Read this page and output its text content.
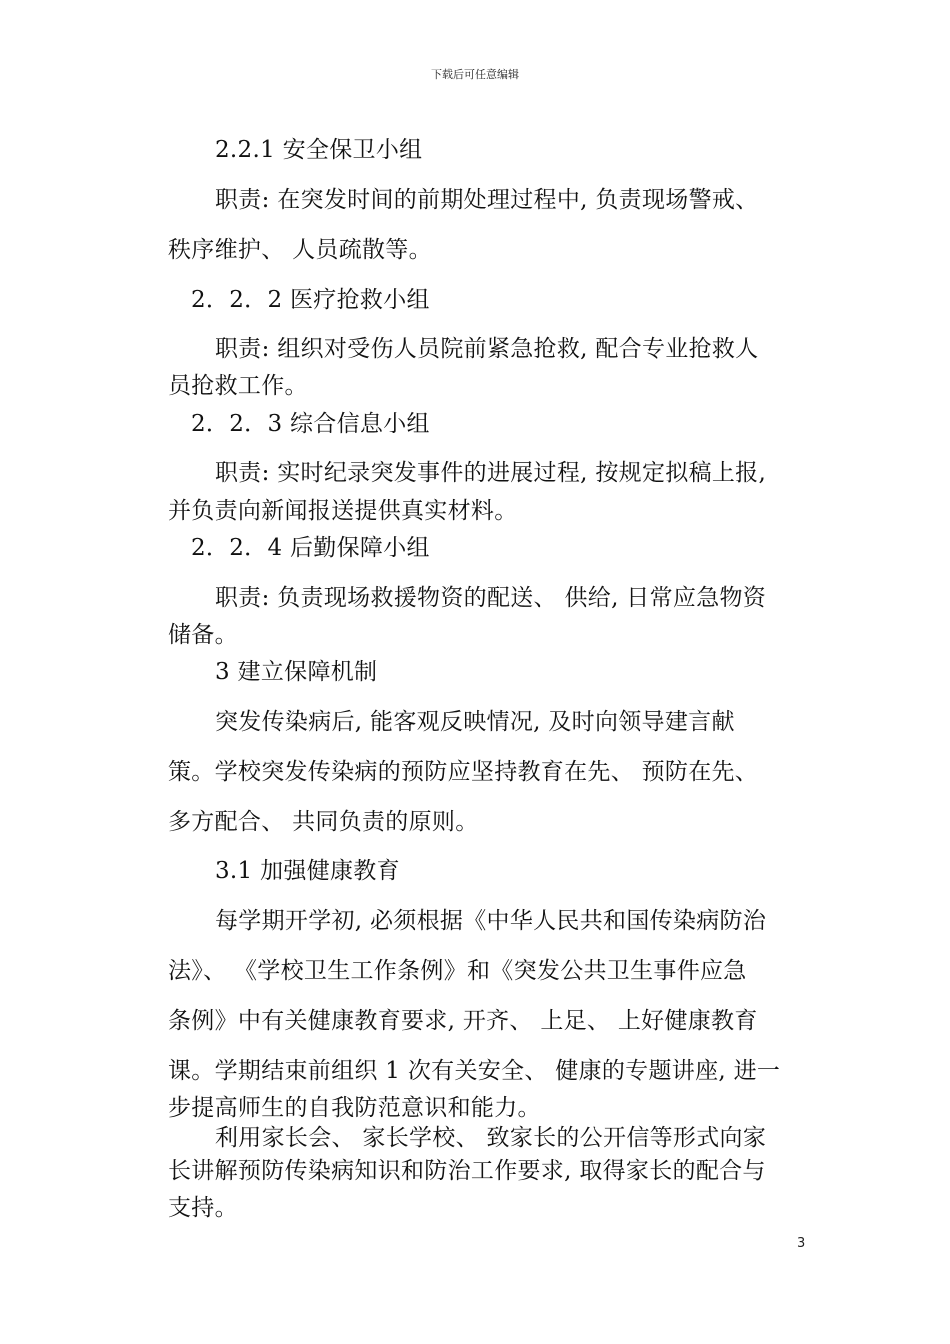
下载后可任意编辑
2.2.1 安全保卫小组
职责: 在突发时间的前期处理过程中, 负责现场警戒、
秩序维护、 人员疏散等。
2．2．2 医疗抢救小组
职责: 组织对受伤人员院前紧急抢救, 配合专业抢救人
员抢救工作。
2．2．3 综合信息小组
职责: 实时纪录突发事件的进展过程, 按规定拟稿上报,
并负责向新闻报送提供真实材料。
2．2．4 后勤保障小组
职责: 负责现场救援物资的配送、 供给, 日常应急物资
储备。
3 建立保障机制
突发传染病后, 能客观反映情况, 及时向领导建言献
策。学校突发传染病的预防应坚持教育在先、 预防在先、
多方配合、 共同负责的原则。
3.1 加强健康教育
每学期开学初, 必须根据《中华人民共和国传染病防治
法》、 《学校卫生工作条例》和《突发公共卫生事件应急
条例》中有关健康教育要求, 开齐、 上足、 上好健康教育
课。学期结束前组织 1 次有关安全、 健康的专题讲座, 进一
步提高师生的自我防范意识和能力。
利用家长会、 家长学校、 致家长的公开信等形式向家
长讲解预防传染病知识和防治工作要求, 取得家长的配合与
支持。
3
